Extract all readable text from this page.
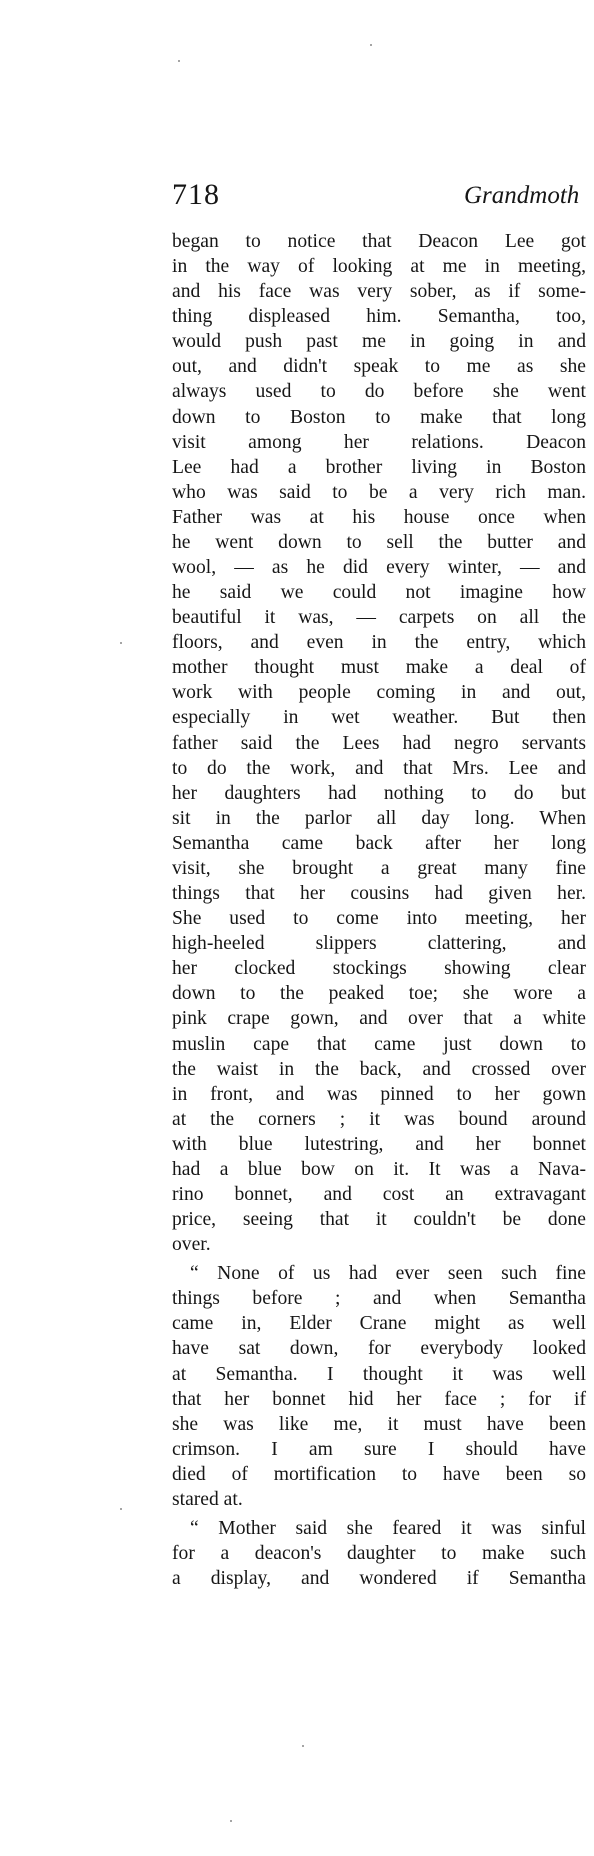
718	Grandmoth
began to notice that Deacon Lee got
in the way of looking at me in meeting,
and his face was very sober, as if some-
thing displeased him. Semantha, too,
would push past me in going in and
out, and didn't speak to me as she
always used to do before she went
down to Boston to make that long
visit among her relations. Deacon
Lee had a brother living in Boston
who was said to be a very rich man.
Father was at his house once when
he went down to sell the butter and
wool, — as he did every winter, — and
he said we could not imagine how
beautiful it was, — carpets on all the
floors, and even in the entry, which
mother thought must make a deal of
work with people coming in and out,
especially in wet weather. But then
father said the Lees had negro servants
to do the work, and that Mrs. Lee and
her daughters had nothing to do but
sit in the parlor all day long. When
Semantha came back after her long
visit, she brought a great many fine
things that her cousins had given her.
She used to come into meeting, her
high-heeled slippers clattering, and
her clocked stockings showing clear
down to the peaked toe; she wore a
pink crape gown, and over that a white
muslin cape that came just down to
the waist in the back, and crossed over
in front, and was pinned to her gown
at the corners ; it was bound around
with blue lutestring, and her bonnet
had a blue bow on it. It was a Nava-
rino bonnet, and cost an extravagant
price, seeing that it couldn't be done
over.
“ None of us had ever seen such fine
things before ; and when Semantha
came in, Elder Crane might as well
have sat down, for everybody looked
at Semantha. I thought it was well
that her bonnet hid her face ; for if
she was like me, it must have been
crimson. I am sure I should have
died of mortification to have been so
stared at.
“ Mother said she feared it was sinful
for a deacon's daughter to make such
a display, and wondered if Semantha
